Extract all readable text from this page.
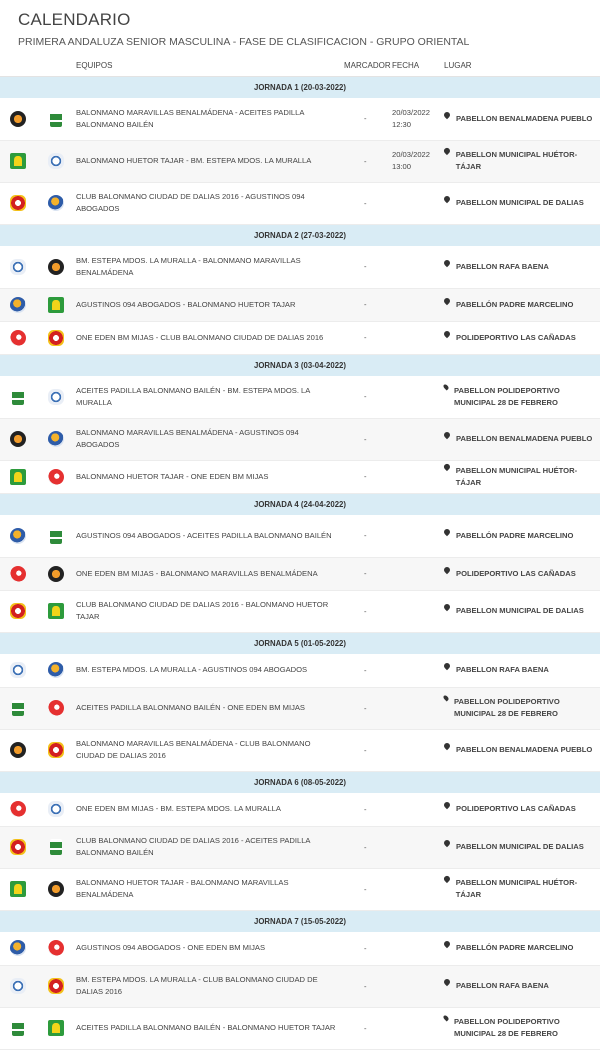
CALENDARIO
PRIMERA ANDALUZA SENIOR MASCULINA - FASE DE CLASIFICACION - GRUPO ORIENTAL
		EQUIPOS	MARCADOR	FECHA	LUGAR
JORNADA 1 (20-03-2022)					

	BALONMANO MARAVILLAS BENALMÁDENA - ACEITES PADILLA BALONMANO BAILÉN	-	20/03/2022
12:30	PABELLON BENALMADENA PUEBLO

	BALONMANO HUETOR TAJAR - BM. ESTEPA MDOS. LA MURALLA	-	20/03/2022
13:00	PABELLON MUNICIPAL HUÉTOR-TÁJAR

	CLUB BALONMANO CIUDAD DE DALIAS 2016 - AGUSTINOS 094 ABOGADOS	-		PABELLON MUNICIPAL DE DALIAS

JORNADA 2 (27-03-2022)					

	BM. ESTEPA MDOS. LA MURALLA - BALONMANO MARAVILLAS BENALMÁDENA	-		PABELLON RAFA BAENA

	AGUSTINOS 094 ABOGADOS - BALONMANO HUETOR TAJAR	-		PABELLÓN PADRE MARCELINO

	ONE EDEN BM MIJAS - CLUB BALONMANO CIUDAD DE DALIAS 2016	-		POLIDEPORTIVO LAS CAÑADAS

JORNADA 3 (03-04-2022)					

	ACEITES PADILLA BALONMANO BAILÉN - BM. ESTEPA MDOS. LA MURALLA	-		PABELLON POLIDEPORTIVO MUNICIPAL 28 DE FEBRERO

	BALONMANO MARAVILLAS BENALMÁDENA - AGUSTINOS 094 ABOGADOS	-		PABELLON BENALMADENA PUEBLO

	BALONMANO HUETOR TAJAR - ONE EDEN BM MIJAS	-		PABELLON MUNICIPAL HUÉTOR-TÁJAR

JORNADA 4 (24-04-2022)					

	AGUSTINOS 094 ABOGADOS - ACEITES PADILLA BALONMANO BAILÉN	-		PABELLÓN PADRE MARCELINO

	ONE EDEN BM MIJAS - BALONMANO MARAVILLAS BENALMÁDENA	-		POLIDEPORTIVO LAS CAÑADAS

	CLUB BALONMANO CIUDAD DE DALIAS 2016 - BALONMANO HUETOR TAJAR	-		PABELLON MUNICIPAL DE DALIAS

JORNADA 5 (01-05-2022)					

	BM. ESTEPA MDOS. LA MURALLA - AGUSTINOS 094 ABOGADOS	-		PABELLON RAFA BAENA

	ACEITES PADILLA BALONMANO BAILÉN - ONE EDEN BM MIJAS	-		PABELLON POLIDEPORTIVO MUNICIPAL 28 DE FEBRERO

	BALONMANO MARAVILLAS BENALMÁDENA - CLUB BALONMANO CIUDAD DE DALIAS 2016	-		PABELLON BENALMADENA PUEBLO

JORNADA 6 (08-05-2022)					

	ONE EDEN BM MIJAS - BM. ESTEPA MDOS. LA MURALLA	-		POLIDEPORTIVO LAS CAÑADAS

	CLUB BALONMANO CIUDAD DE DALIAS 2016 - ACEITES PADILLA BALONMANO BAILÉN	-		PABELLON MUNICIPAL DE DALIAS

	BALONMANO HUETOR TAJAR - BALONMANO MARAVILLAS BENALMÁDENA	-		PABELLON MUNICIPAL HUÉTOR-TÁJAR

JORNADA 7 (15-05-2022)					

	AGUSTINOS 094 ABOGADOS - ONE EDEN BM MIJAS	-		PABELLÓN PADRE MARCELINO

	BM. ESTEPA MDOS. LA MURALLA - CLUB BALONMANO CIUDAD DE DALIAS 2016	-		PABELLON RAFA BAENA

	ACEITES PADILLA BALONMANO BAILÉN - BALONMANO HUETOR TAJAR	-		PABELLON POLIDEPORTIVO MUNICIPAL 28 DE FEBRERO
